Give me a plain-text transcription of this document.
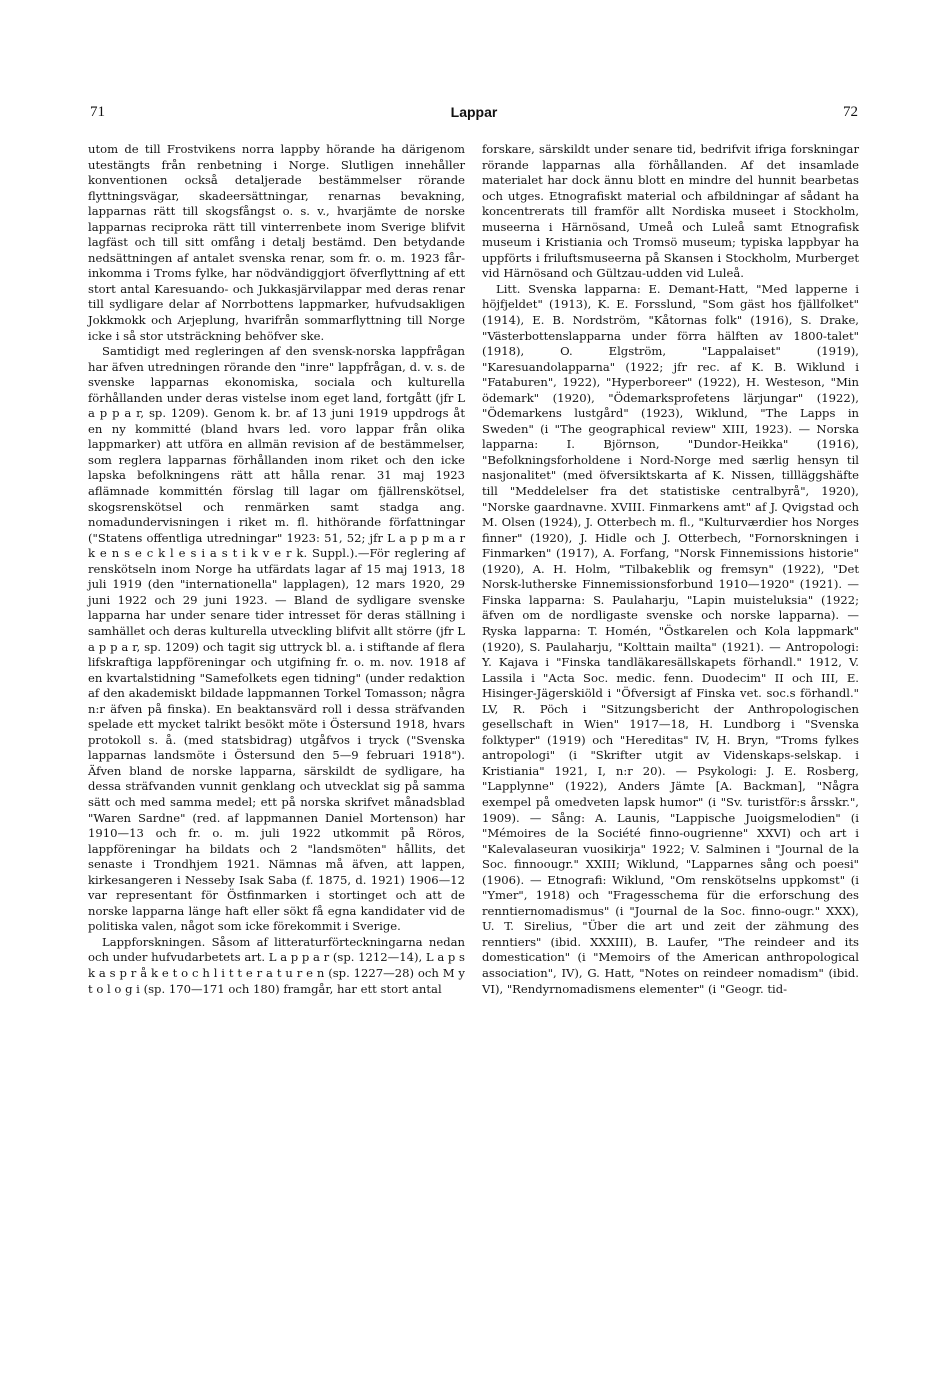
71	Lappar	72

utom de till Frostvikens norra lappby hörande ha därigenom utestängts från renbetning i Norge. Slutligen innehåller konventionen också detaljerade bestämmelser rörande flyttningsvägar, skadeersättningar, renarnas bevakning, lapparnas rätt till skogsfångst o. s. v., hvarjämte de norske lapparnas reciproka rätt till vinterrenbete inom Sverige blifvit lagfäst och till sitt omfång i detalj bestämd. Den betydande nedsättningen af antalet svenska renar, som fr. o. m. 1923 får-inkomma i Troms fylke, har nödvändiggjort öfverflyttning af ett stort antal Karesuando- och Jukkasjärvilappar med deras renar till sydligare delar af Norrbottens lappmarker, hufvudsakligen Jokkmokk och Arjeplung, hvarifrån sommarflyttning till Norge icke i så stor utsträckning behöfver ske.

Samtidigt med regleringen af den svensk-norska lappfrågan har äfven utredningen rörande den "inre" lappfrågan, d. v. s. de svenske lapparnas ekonomiska, sociala och kulturella förhållanden under deras vistelse inom eget land, fortgått (jfr L a p p a r, sp. 1209). Genom k. br. af 13 juni 1919 uppdrogs åt en ny kommitté (bland hvars led. voro lappar från olika lappmarker) att utföra en allmän revision af de bestämmelser, som reglera lapparnas förhållanden inom riket och den icke lapska befolkningens rätt att hålla renar. 31 maj 1923 aflämnade kommittén förslag till lagar om fjällrenskötsel, skogsrenskötsel och renmärken samt stadga ang. nomadundervisningen i riket m. fl. hithörande författningar ("Statens offentliga utredningar" 1923: 51, 52; jfr L a p p m a r k e n s e c k l e s i a s t i k v e r k. Suppl.).—För reglering af renskötseln inom Norge ha utfärdats lagar af 15 maj 1913, 18 juli 1919 (den "internationella" lapplagen), 12 mars 1920, 29 juni 1922 och 29 juni 1923. — Bland de sydligare svenske lapparna har under senare tider intresset för deras ställning i samhället och deras kulturella utveckling blifvit allt större (jfr L a p p a r, sp. 1209) och tagit sig uttryck bl. a. i stiftande af flera lifskraftiga lappföreningar och utgifning fr. o. m. nov. 1918 af en kvartalstidning "Samefolkets egen tidning" (under redaktion af den akademiskt bildade lappmannen Torkel Tomasson; några n:r äfven på finska). En beaktansvärd roll i dessa sträfvanden spelade ett mycket talrikt besökt möte i Östersund 1918, hvars protokoll s. å. (med statsbidrag) utgåfvos i tryck ("Svenska lapparnas landsmöte i Östersund den 5—9 februari 1918"). Äfven bland de norske lapparna, särskildt de sydligare, ha dessa sträfvanden vunnit genklang och utvecklat sig på samma sätt och med samma medel; ett på norska skrifvet månadsblad "Waren Sardne" (red. af lappmannen Daniel Mortenson) har 1910—13 och fr. o. m. juli 1922 utkommit på Röros, lappföreningar ha bildats och 2 "landsmöten" hållits, det senaste i Trondhjem 1921. Nämnas må äfven, att lappen, kirkesangeren i Nesseby Isak Saba (f. 1875, d. 1921) 1906—12 var representant för Östfinmarken i stortinget och att de norske lapparna länge haft eller sökt få egna kandidater vid de politiska valen, något som icke förekommit i Sverige.

Lappforskningen. Såsom af litteraturförteckningarna nedan och under hufvudarbetets art. L a p p a r (sp. 1212—14), L a p s k a s p r å k e t o c h l i t t e r a t u r e n (sp. 1227—28) och M y t o l o g i (sp. 170—171 och 180) framgår, har ett stort antal

forskare, särskildt under senare tid, bedrifvit ifriga forskningar rörande lapparnas alla förhållanden. Af det insamlade materialet har dock ännu blott en mindre del hunnit bearbetas och utges. Etnografiskt material och afbildningar af sådant ha koncentrerats till framför allt Nordiska museet i Stockholm, museerna i Härnösand, Umeå och Luleå samt Etnografisk museum i Kristiania och Tromsö museum; typiska lappbyar ha uppförts i friluftsmuseerna på Skansen i Stockholm, Murberget vid Härnösand och Gültzau-udden vid Luleå.

Litt. Svenska lapparna: E. Demant-Hatt, "Med lapperne i höjfjeldet" (1913), K. E. Forsslund, "Som gäst hos fjällfolket" (1914), E. B. Nordström, "Kåtornas folk" (1916), S. Drake, "Västerbottenslapparna under förra hälften av 1800-talet" (1918), O. Elgström, "Lappalaiset" (1919), "Karesuandolapparna" (1922; jfr rec. af K. B. Wiklund i "Fataburen", 1922), "Hyperboreer" (1922), H. Westeson, "Min ödemark" (1920), "Ödemarksprofetens lärjungar" (1922), "Ödemarkens lustgård" (1923), Wiklund, "The Lapps in Sweden" (i "The geographical review" XIII, 1923). — Norska lapparna: I. Björnson, "Dundor-Heikka" (1916), "Befolkningsforholdene i Nord-Norge med særlig hensyn til nasjonalitet" (med öfversiktskarta af K. Nissen, tillläggshäfte till "Meddelelser fra det statistiske centralbyrå", 1920), "Norske gaardnavne. XVIII. Finmarkens amt" af J. Qvigstad och M. Olsen (1924), J. Otterbech m. fl., "Kulturværdier hos Norges finner" (1920), J. Hidle och J. Otterbech, "Fornorskningen i Finmarken" (1917), A. Forfang, "Norsk Finnemissions historie" (1920), A. H. Holm, "Tilbakeblik og fremsyn" (1922), "Det Norsk-lutherske Finnemissionsforbund 1910—1920" (1921). — Finska lapparna: S. Paulaharju, "Lapin muisteluksia" (1922; äfven om de nordligaste svenske och norske lapparna). — Ryska lapparna: T. Homén, "Östkarelen och Kola lappmark" (1920), S. Paulaharju, "Kolttain mailta" (1921). — Antropologi: Y. Kajava i "Finska tandläkaresällskapets förhandl." 1912, V. Lassila i "Acta Soc. medic. fenn. Duodecim" II och III, E. Hisinger-Jägerskiöld i "Öfversigt af Finska vet. soc.s förhandl." LV, R. Pöch i "Sitzungsbericht der Anthropologischen gesellschaft in Wien" 1917—18, H. Lundborg i "Svenska folktyper" (1919) och "Hereditas" IV, H. Bryn, "Troms fylkes antropologi" (i "Skrifter utgit av Videnskaps-selskap. i Kristiania" 1921, I, n:r 20). — Psykologi: J. E. Rosberg, "Lapplynne" (1922), Anders Jämte [A. Backman], "Några exempel på omedveten lapsk humor" (i "Sv. turistför:s årsskr.", 1909). — Sång: A. Launis, "Lappische Juoigsmelodien" (i "Mémoires de la Société finno-ougrienne" XXVI) och art i "Kalevalaseuran vuosikirja" 1922; V. Salminen i "Journal de la Soc. finnoougr." XXIII; Wiklund, "Lapparnes sång och poesi" (1906). — Etnografi: Wiklund, "Om renskötselns uppkomst" (i "Ymer", 1918) och "Fragesschema für die erforschung des renntiernomadismus" (i "Journal de la Soc. finno-ougr." XXX), U. T. Sirelius, "Über die art und zeit der zähmung des renntiers" (ibid. XXXIII), B. Laufer, "The reindeer and its domestication" (i "Memoirs of the American anthropological association", IV), G. Hatt, "Notes on reindeer nomadism" (ibid. VI), "Rendyrnomadismens elementer" (i "Geogr. tid-
